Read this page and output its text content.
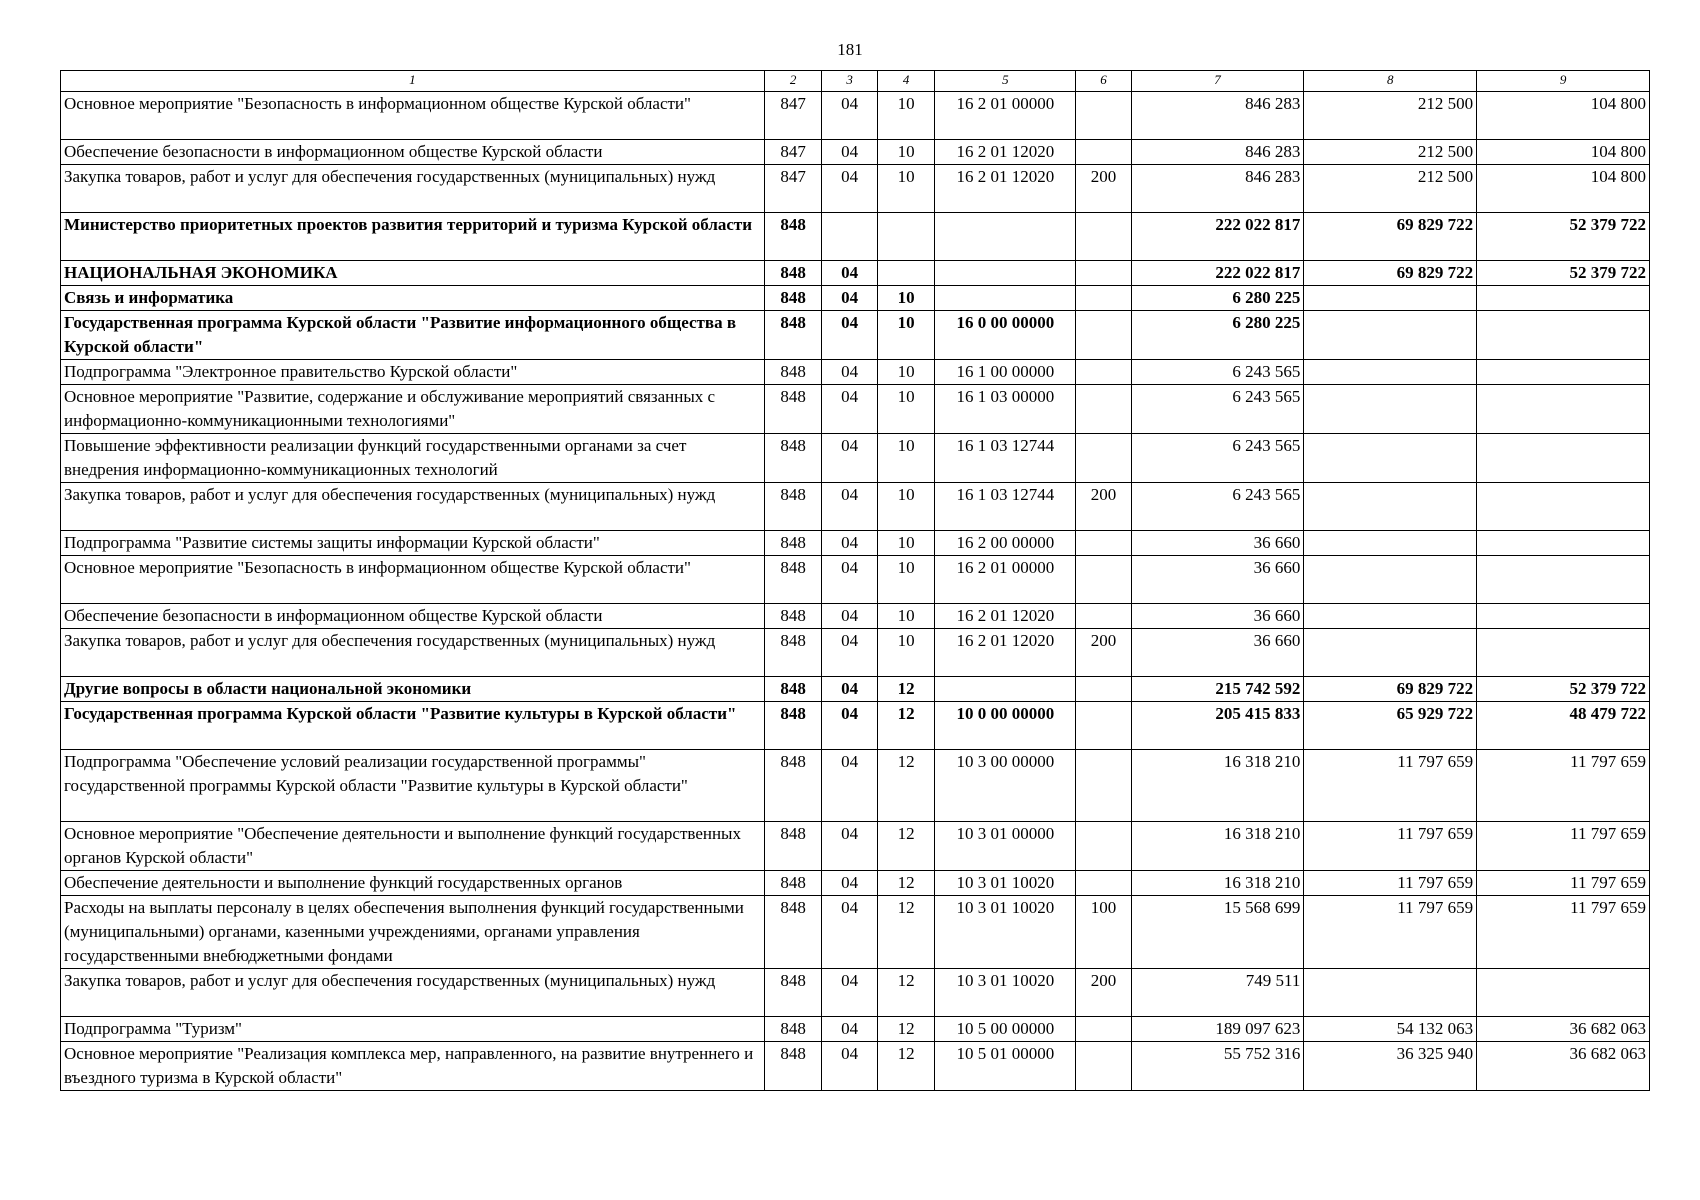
181
1	2	3	4	5	6	7	8	9
Основное мероприятие "Безопасность в информационном обществе Курской области"	847	04	10	16 2 01 00000		846 283	212 500	104 800
Обеспечение безопасности в информационном обществе Курской области	847	04	10	16 2 01 12020		846 283	212 500	104 800
Закупка товаров, работ и услуг для обеспечения государственных (муниципальных) нужд	847	04	10	16 2 01 12020	200	846 283	212 500	104 800
Министерство приоритетных проектов развития территорий и туризма Курской области	848					222 022 817	69 829 722	52 379 722
НАЦИОНАЛЬНАЯ ЭКОНОМИКА	848	04				222 022 817	69 829 722	52 379 722
Связь и информатика	848	04	10			6 280 225		
Государственная программа Курской области "Развитие информационного общества в Курской области"	848	04	10	16 0 00 00000		6 280 225		
Подпрограмма "Электронное правительство Курской области"	848	04	10	16 1 00 00000		6 243 565		
Основное мероприятие "Развитие, содержание и обслуживание мероприятий связанных с информационно-коммуникационными технологиями"	848	04	10	16 1 03 00000		6 243 565		
Повышение эффективности реализации функций государственными органами за счет внедрения информационно-коммуникационных технологий	848	04	10	16 1 03 12744		6 243 565		
Закупка товаров, работ и услуг для обеспечения государственных (муниципальных) нужд	848	04	10	16 1 03 12744	200	6 243 565		
Подпрограмма "Развитие системы защиты информации Курской области"	848	04	10	16 2 00 00000		36 660		
Основное мероприятие "Безопасность в информационном обществе Курской области"	848	04	10	16 2 01 00000		36 660		
Обеспечение безопасности в информационном обществе Курской области	848	04	10	16 2 01 12020		36 660		
Закупка товаров, работ и услуг для обеспечения государственных (муниципальных) нужд	848	04	10	16 2 01 12020	200	36 660		
Другие вопросы в области национальной экономики	848	04	12			215 742 592	69 829 722	52 379 722
Государственная программа Курской области "Развитие культуры в Курской области"	848	04	12	10 0 00 00000		205 415 833	65 929 722	48 479 722
Подпрограмма "Обеспечение условий реализации государственной программы" государственной программы Курской области "Развитие культуры в Курской области"	848	04	12	10 3 00 00000		16 318 210	11 797 659	11 797 659
Основное мероприятие "Обеспечение деятельности и выполнение функций государственных органов Курской области"	848	04	12	10 3 01 00000		16 318 210	11 797 659	11 797 659
Обеспечение деятельности и выполнение функций государственных органов	848	04	12	10 3 01 10020		16 318 210	11 797 659	11 797 659
Расходы на выплаты персоналу в целях обеспечения выполнения функций государственными (муниципальными) органами, казенными учреждениями, органами управления государственными внебюджетными фондами	848	04	12	10 3 01 10020	100	15 568 699	11 797 659	11 797 659
Закупка товаров, работ и услуг для обеспечения государственных (муниципальных) нужд	848	04	12	10 3 01 10020	200	749 511		
Подпрограмма "Туризм"	848	04	12	10 5 00 00000		189 097 623	54 132 063	36 682 063
Основное мероприятие "Реализация комплекса мер, направленного, на развитие внутреннего и въездного туризма в Курской области"	848	04	12	10 5 01 00000		55 752 316	36 325 940	36 682 063
